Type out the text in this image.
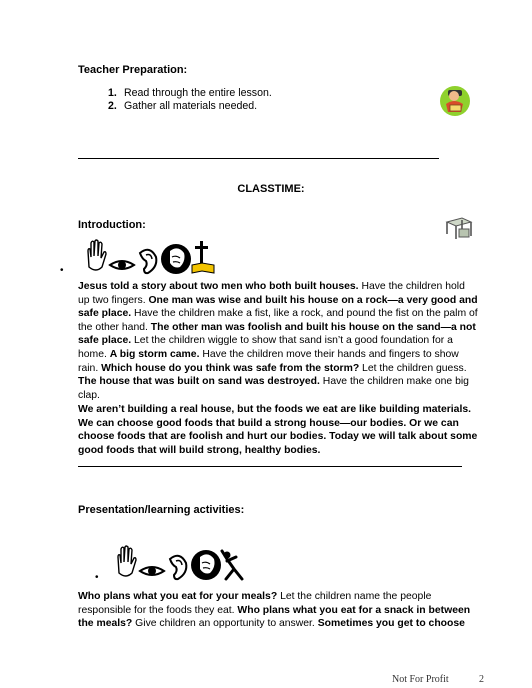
Teacher Preparation:
1. Read through the entire lesson.
2. Gather all materials needed.
CLASSTIME:
Introduction:
•
Jesus told a story about two men who both built houses. Have the children hold up two fingers. One man was wise and built his house on a rock—a very good and safe place. Have the children make a fist, like a rock, and pound the fist on the palm of the other hand. The other man was foolish and built his house on the sand—a not safe place. Let the children wiggle to show that sand isn’t a good foundation for a home. A big storm came. Have the children move their hands and fingers to show rain. Which house do you think was safe from the storm? Let the children guess. The house that was built on sand was destroyed. Have the children make one big clap.
We aren’t building a real house, but the foods we eat are like building materials. We can choose good foods that build a strong house—our bodies. Or we can choose foods that are foolish and hurt our bodies. Today we will talk about some good foods that will build strong, healthy bodies.
Presentation/learning activities:
•
Who plans what you eat for your meals? Let the children name the people responsible for the foods they eat. Who plans what you eat for a snack in between the meals? Give children an opportunity to answer. Sometimes you get to choose
Not For Profit	2
